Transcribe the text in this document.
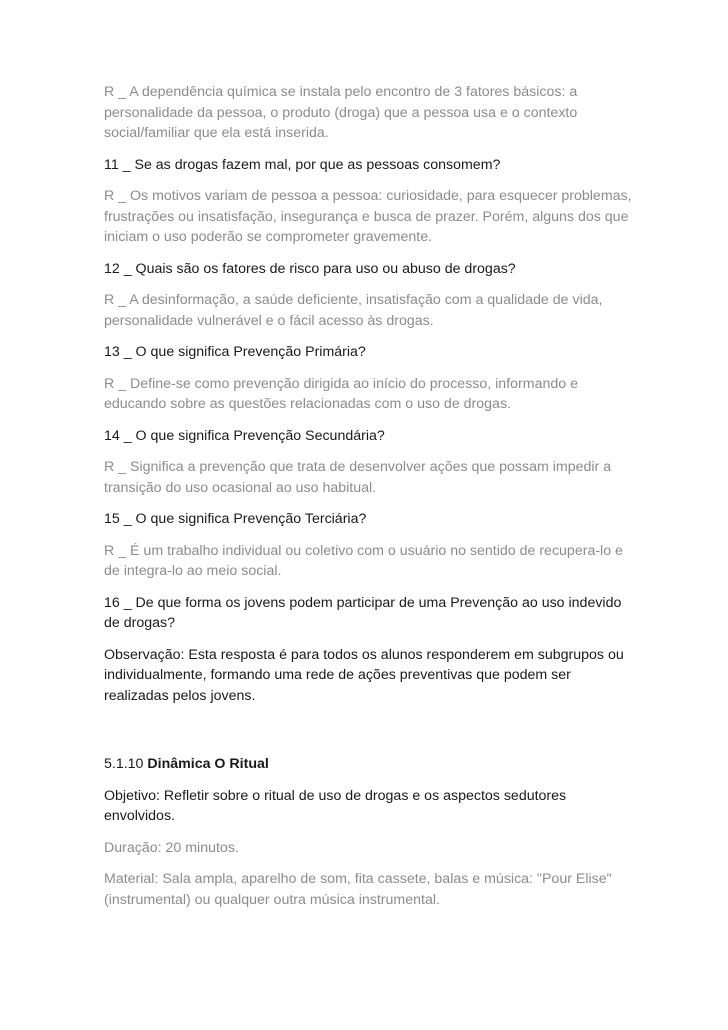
R _ A dependência química se instala pelo encontro de 3 fatores básicos: a personalidade da pessoa, o produto (droga) que a pessoa usa e o contexto social/familiar que ela está inserida.

11 _ Se as drogas fazem mal, por que as pessoas consomem?

R _ Os motivos variam de pessoa a pessoa: curiosidade, para esquecer problemas, frustrações ou insatisfação, insegurança e busca de prazer. Porém, alguns dos que iniciam o uso poderão se comprometer gravemente.

12 _ Quais são os fatores de risco para uso ou abuso de drogas?

R _ A desinformação, a saúde deficiente, insatisfação com a qualidade de vida, personalidade vulnerável e o fácil acesso às drogas.

13 _ O que significa Prevenção Primária?

R _ Define-se como prevenção dirigida ao início do processo, informando e educando sobre as questões relacionadas com o uso de drogas.

14 _ O que significa Prevenção Secundária?

R _ Significa a prevenção que trata de desenvolver ações que possam impedir a transição do uso ocasional ao uso habitual.

15 _ O que significa Prevenção Terciária?

R _ É um trabalho individual ou coletivo com o usuário no sentido de recupera-lo e de integra-lo ao meio social.

16 _ De que forma os jovens podem participar de uma Prevenção ao uso indevido de drogas?

Observação: Esta resposta é para todos os alunos responderem em subgrupos ou individualmente, formando uma rede de ações preventivas que podem ser realizadas pelos jovens.

5.1.10 Dinâmica O Ritual

Objetivo: Refletir sobre o ritual de uso de drogas e os aspectos sedutores envolvidos.

Duração: 20 minutos.

Material: Sala ampla, aparelho de som, fita cassete, balas e música: "Pour Elise" (instrumental) ou qualquer outra música instrumental.
